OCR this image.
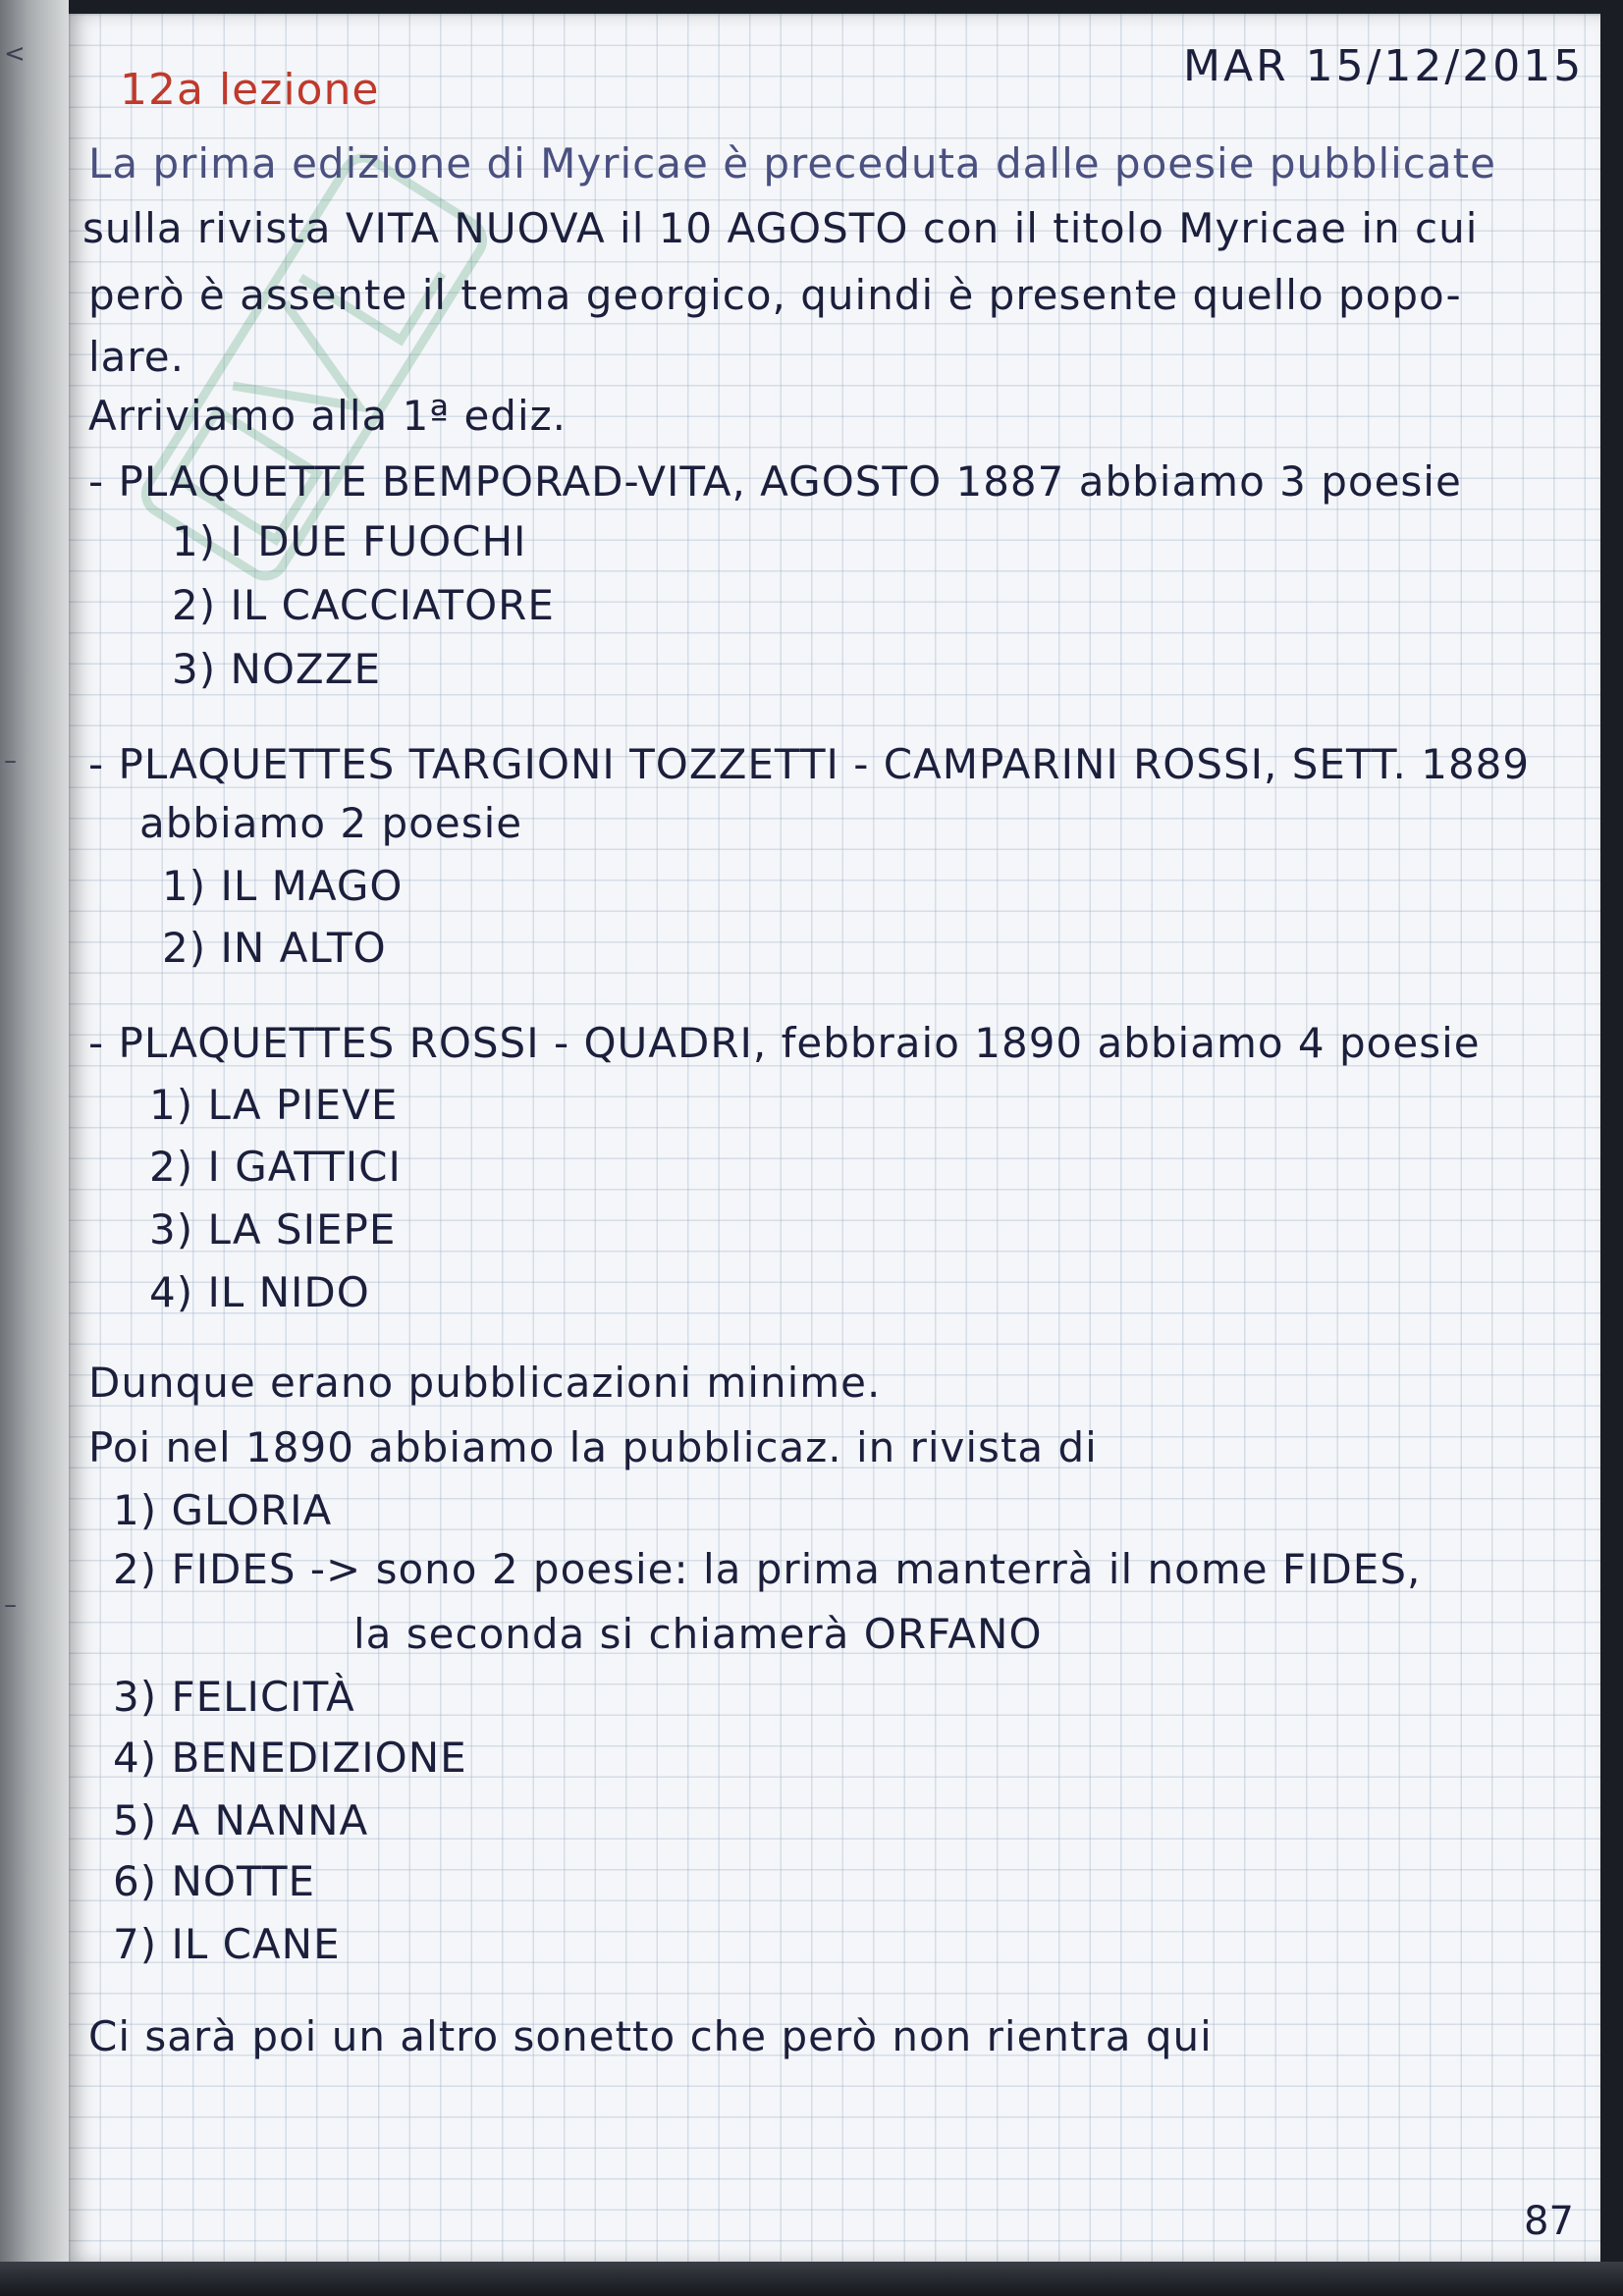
<
–
–
12a lezione	MAR 15/12/2015
La prima edizione di Myricae è preceduta dalle poesie pubblicate
sulla rivista VITA NUOVA il 10 AGOSTO con il titolo Myricae in cui
però è assente il tema georgico, quindi è presente quello popo-
lare.
Arriviamo alla 1ª ediz.
- PLAQUETTE BEMPORAD-VITA, AGOSTO 1887 abbiamo 3 poesie
1) I DUE FUOCHI
2) IL CACCIATORE
3) NOZZE
- PLAQUETTES TARGIONI TOZZETTI - CAMPARINI ROSSI, SETT. 1889
abbiamo 2 poesie
1) IL MAGO
2) IN ALTO
- PLAQUETTES ROSSI - QUADRI, febbraio 1890 abbiamo 4 poesie
1) LA PIEVE
2) I GATTICI
3) LA SIEPE
4) IL NIDO
Dunque erano pubblicazioni minime.
Poi nel 1890 abbiamo la pubblicaz. in rivista di
1) GLORIA
2) FIDES -> sono 2 poesie: la prima manterrà il nome FIDES,
la seconda si chiamerà ORFANO
3) FELICITÀ
4) BENEDIZIONE
5) A NANNA
6) NOTTE
7) IL CANE
Ci sarà poi un altro sonetto che però non rientra qui
87
